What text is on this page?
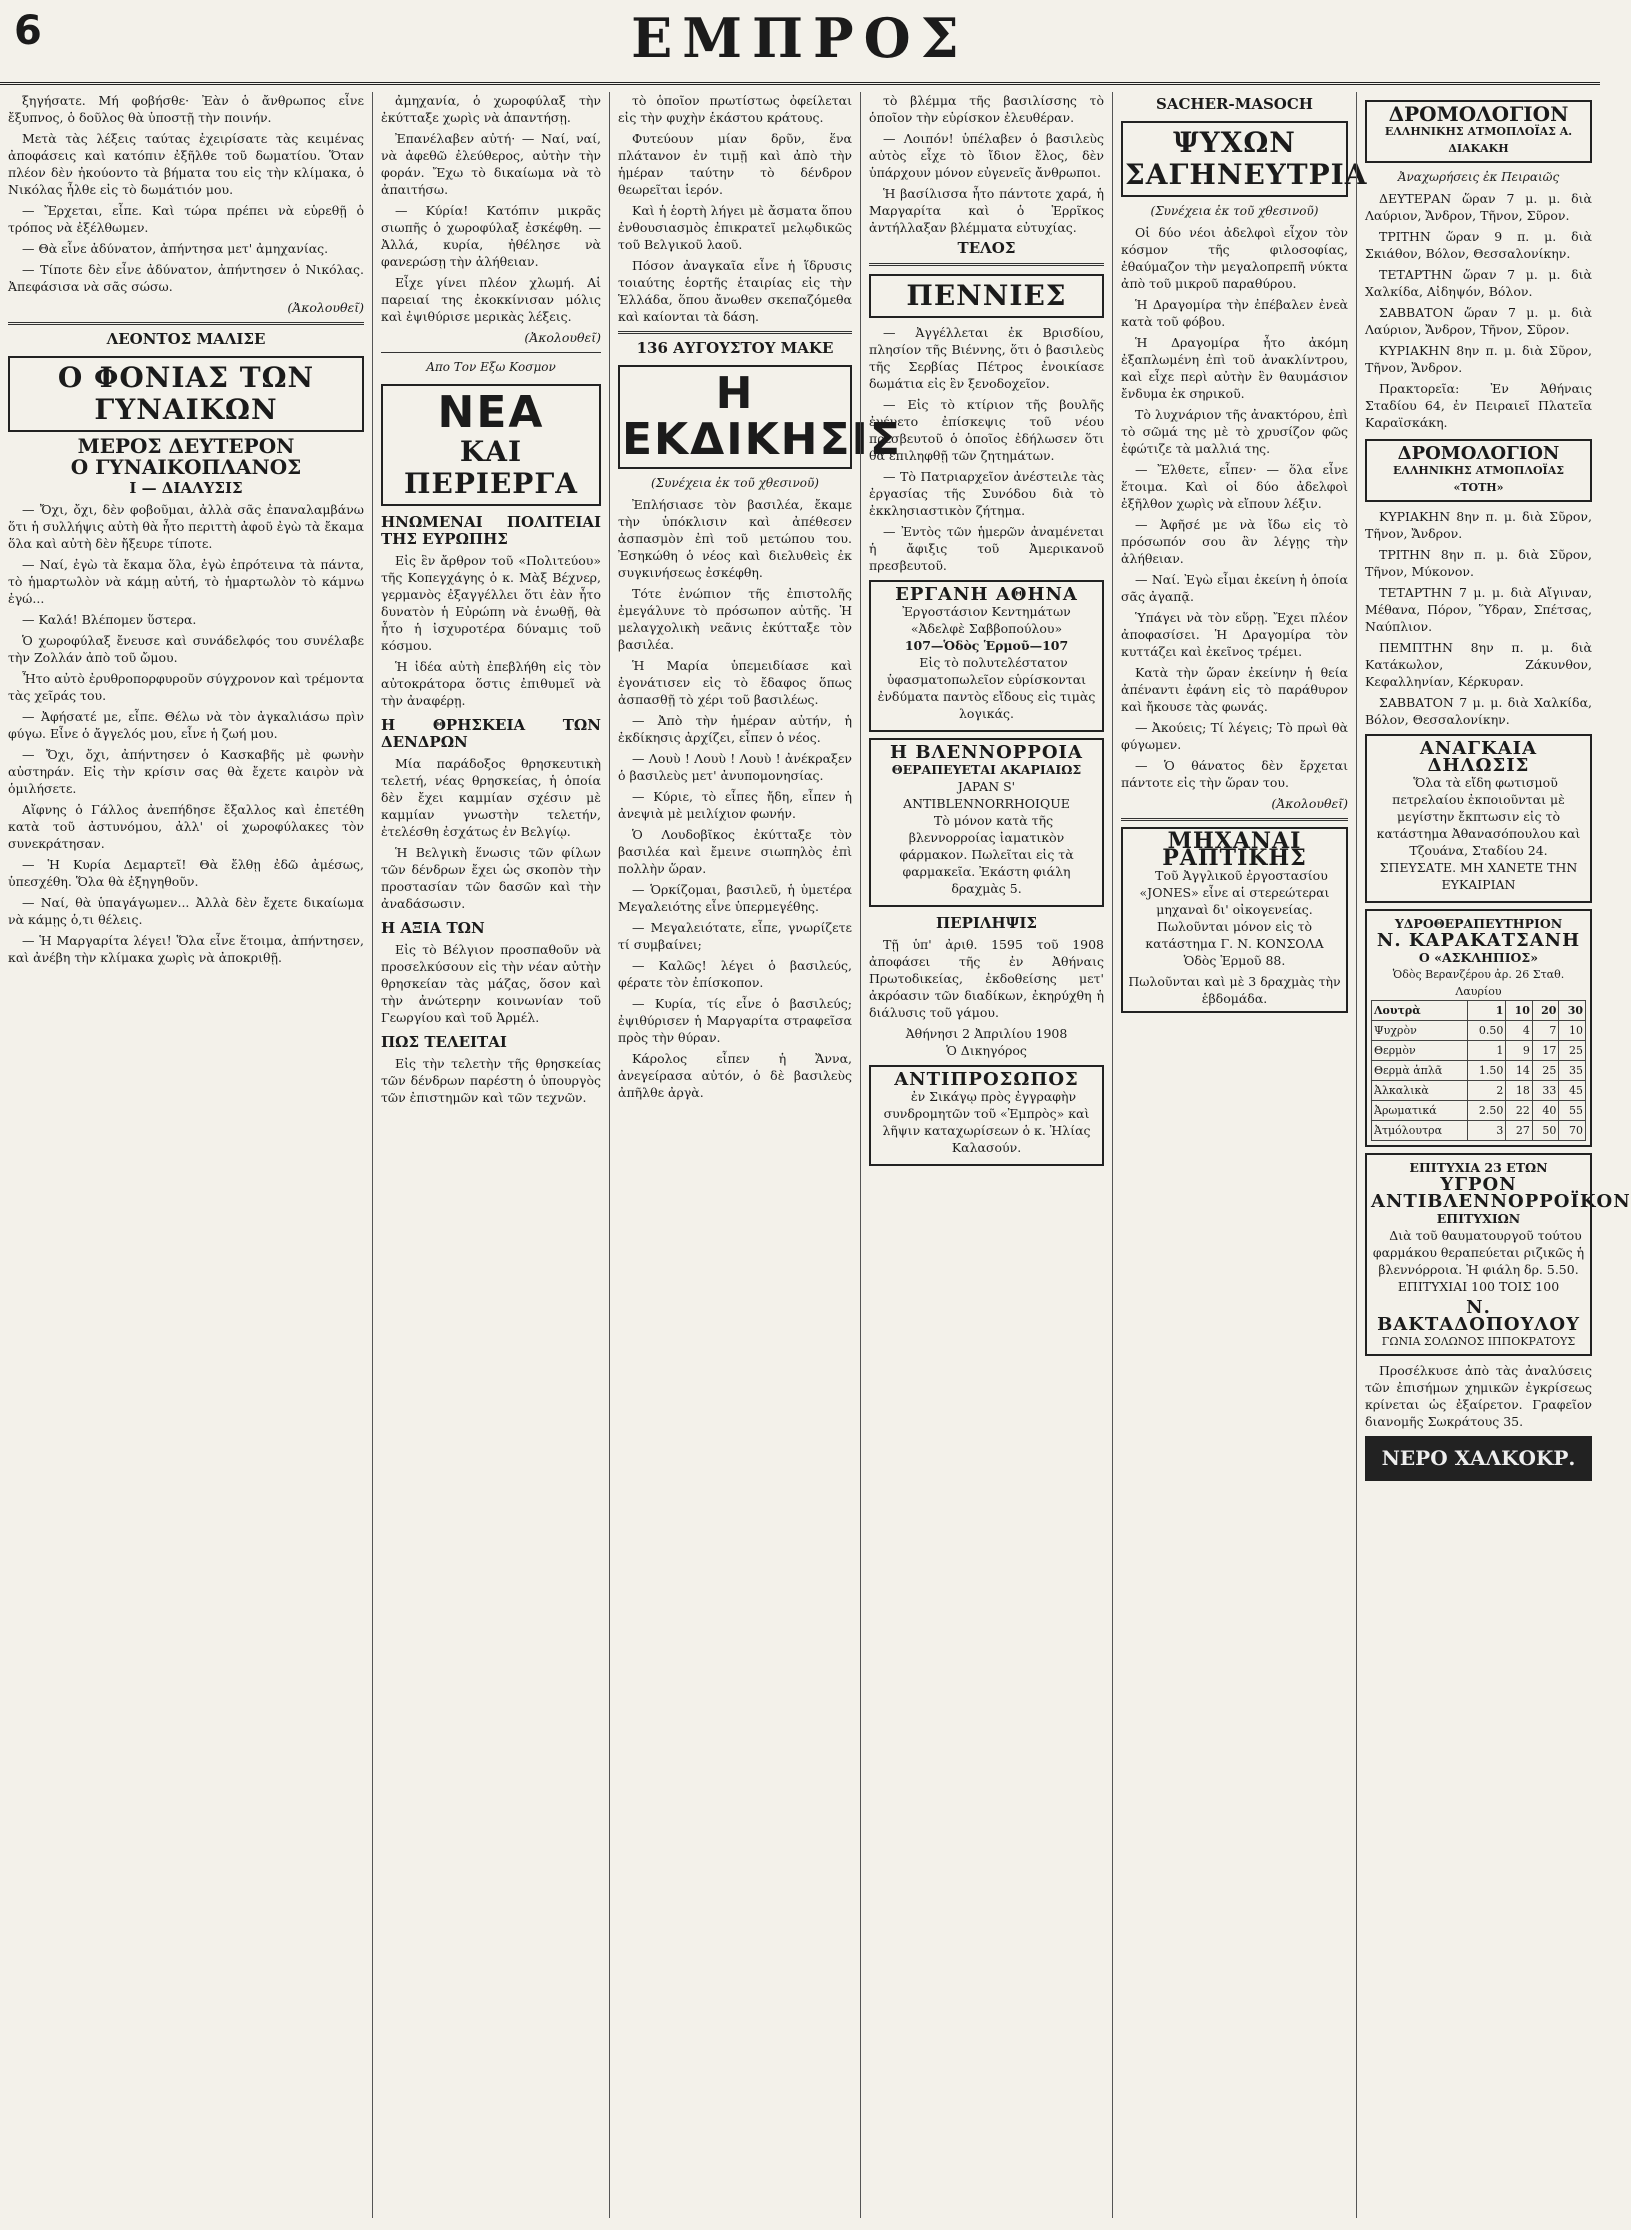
6	ΕΜΠΡΟΣ

ξηγήσατε. Μή φοβήσθε· Ἐὰν ὁ ἄνθρωπος εἶνε ἔξυπνος, ὁ δοῦλος θὰ ὑποστῇ τὴν ποινήν.

Μετὰ τὰς λέξεις ταύτας ἐχειρίσατε τὰς κειμένας ἀποφάσεις καὶ κατόπιν ἐξῆλθε τοῦ δωματίου. Ὅταν πλέον δὲν ἠκούοντο τὰ βήματα του εἰς τὴν κλίμακα, ὁ Νικόλας ἦλθε εἰς τὸ δωμάτιόν μου.

— Ἔρχεται, εἶπε. Καὶ τώρα πρέπει νὰ εὑρεθῇ ὁ τρόπος νὰ ἐξέλθωμεν.

— Θὰ εἶνε ἀδύνατον, ἀπήντησα μετ' ἀμηχανίας.

— Τίποτε δὲν εἶνε ἀδύνατον, ἀπήντησεν ὁ Νικόλας. Ἀπεφάσισα νὰ σᾶς σώσω.

(Ἀκολουθεῖ)
ΛΕΟΝΤΟΣ ΜΑΛΙΣΕ
Ο ΦΟΝΙΑΣ ΤΩΝ ΓΥΝΑΙΚΩΝ
ΜΕΡΟΣ ΔΕΥΤΕΡΟΝ
Ο ΓΥΝΑΙΚΟΠΛΑΝΟΣ
Ι — ΔΙΑΛΥΣΙΣ

— Ὄχι, ὄχι, δὲν φοβοῦμαι, ἀλλὰ σᾶς ἐπαναλαμβάνω ὅτι ἡ συλλήψις αὐτὴ θὰ ἦτο περιττὴ ἀφοῦ ἐγὼ τὰ ἔκαμα ὅλα καὶ αὐτὴ δὲν ἤξευρε τίποτε.

— Ναί, ἐγὼ τὰ ἔκαμα ὅλα, ἐγὼ ἐπρότεινα τὰ πάντα, τὸ ἡμαρτωλὸν νὰ κάμῃ αὐτή, τὸ ἡμαρτωλὸν τὸ κάμνω ἐγώ...

— Καλά! Βλέπομεν ὕστερα.

Ὁ χωροφύλαξ ἔνευσε καὶ συνάδελφός του συνέλαβε τὴν Ζολλάν ἀπὸ τοῦ ὤμου.

Ἦτο αὐτὸ ἐρυθροπορφυροῦν σύγχρονον καὶ τρέμοντα τὰς χεῖράς του.

— Ἀφήσατέ με, εἶπε. Θέλω νὰ τὸν ἀγκαλιάσω πρὶν φύγω. Εἶνε ὁ ἄγγελός μου, εἶνε ἡ ζωή μου.

— Ὄχι, ὄχι, ἀπήντησεν ὁ Κασκαβῆς μὲ φωνὴν αὐστηράν. Εἰς τὴν κρίσιν σας θὰ ἔχετε καιρὸν νὰ ὁμιλήσετε.

Αἴφνης ὁ Γάλλος ἀνεπήδησε ἔξαλλος καὶ ἐπετέθη κατὰ τοῦ ἀστυνόμου, ἀλλ' οἱ χωροφύλακες τὸν συνεκράτησαν.

— Ἡ Κυρία Δεμαρτεῖ! Θὰ ἔλθῃ ἐδῶ ἀμέσως, ὑπεσχέθη. Ὅλα θὰ ἐξηγηθοῦν.

— Ναί, θὰ ὑπαγάγωμεν... Ἀλλὰ δὲν ἔχετε δικαίωμα νὰ κάμῃς ὁ,τι θέλεις.

— Ἡ Μαργαρίτα λέγει! Ὅλα εἶνε ἕτοιμα, ἀπήντησεν, καὶ ἀνέβη τὴν κλίμακα χωρὶς νὰ ἀποκριθῇ.

ἀμηχανία, ὁ χωροφύλαξ τὴν ἐκύτταξε χωρὶς νὰ ἀπαντήσῃ.

Ἐπανέλαβεν αὐτή· — Ναί, ναί, νὰ ἀφεθῶ ἐλεύθερος, αὐτὴν τὴν φοράν. Ἔχω τὸ δικαίωμα νὰ τὸ ἀπαιτήσω.

— Κύρία! Κατόπιν μικρᾶς σιωπῆς ὁ χωροφύλαξ ἐσκέφθη. — Ἀλλά, κυρία, ἠθέλησε νὰ φανερώσῃ τὴν ἀλήθειαν.

Εἶχε γίνει πλέον χλωμή. Αἱ παρειαί της ἐκοκκίνισαν μόλις καὶ ἐψιθύρισε μερικὰς λέξεις.

(Ἀκολουθεῖ)
Απο Τον Εξω Κοσμον
ΝΕΑ
ΚΑΙ ΠΕΡΙΕΡΓΑ
ΗΝΩΜΕΝΑΙ ΠΟΛΙΤΕΙΑΙ ΤΗΣ ΕΥΡΩΠΗΣ

Εἰς ἓν ἄρθρον τοῦ «Πολιτεύου» τῆς Κοπεγχάγης ὁ κ. Μὰξ Βέχνερ, γερμανὸς ἐξαγγέλλει ὅτι ἐὰν ἦτο δυνατὸν ἡ Εὐρώπη νὰ ἑνωθῇ, θὰ ἦτο ἡ ἰσχυροτέρα δύναμις τοῦ κόσμου.

Ἡ ἰδέα αὐτὴ ἐπεβλήθη εἰς τὸν αὐτοκράτορα ὅστις ἐπιθυμεῖ νὰ τὴν ἀναφέρῃ.

Η ΘΡΗΣΚΕΙΑ ΤΩΝ ΔΕΝΔΡΩΝ

Μία παράδοξος θρησκευτικὴ τελετή, νέας θρησκείας, ἡ ὁποία δὲν ἔχει καμμίαν σχέσιν μὲ καμμίαν γνωστὴν τελετήν, ἐτελέσθη ἐσχάτως ἐν Βελγίῳ.

Ἡ Βελγικὴ ἕνωσις τῶν φίλων τῶν δένδρων ἔχει ὡς σκοπὸν τὴν προστασίαν τῶν δασῶν καὶ τὴν ἀναδάσωσιν.

Η ΑΞΙΑ ΤΩΝ

Εἰς τὸ Βέλγιον προσπαθοῦν νὰ προσελκύσουν εἰς τὴν νέαν αὐτὴν θρησκείαν τὰς μάζας, ὅσον καὶ τὴν ἀνώτερην κοινωνίαν τοῦ Γεωργίου καὶ τοῦ Ἀρμέλ.

ΠΩΣ ΤΕΛΕΙΤΑΙ

Εἰς τὴν τελετὴν τῆς θρησκείας τῶν δένδρων παρέστη ὁ ὑπουργὸς τῶν ἐπιστημῶν καὶ τῶν τεχνῶν.

τὸ ὁποῖον πρωτίστως ὀφείλεται εἰς τὴν φυχὴν ἑκάστου κράτους.

Φυτεύουν μίαν δρῦν, ἕνα πλάτανον ἐν τιμῇ καὶ ἀπὸ τὴν ἡμέραν ταύτην τὸ δένδρον θεωρεῖται ἱερόν.

Καὶ ἡ ἑορτὴ λήγει μὲ ἄσματα ὅπου ἐνθουσιασμὸς ἐπικρατεῖ μελῳδικῶς τοῦ Βελγικοῦ λαοῦ.

Πόσον ἀναγκαῖα εἶνε ἡ ἵδρυσις τοιαύτης ἑορτῆς ἑταιρίας εἰς τὴν Ἑλλάδα, ὅπου ἄνωθεν σκεπαζόμεθα καὶ καίονται τὰ δάση.

136 ΑΥΓΟΥΣΤΟΥ ΜΑΚΕ
Η ΕΚΔΙΚΗΣΙΣ
(Συνέχεια ἐκ τοῦ χθεσινοῦ)

Ἐπλήσιασε τὸν βασιλέα, ἔκαμε τὴν ὑπόκλισιν καὶ ἀπέθεσεν ἀσπασμὸν ἐπὶ τοῦ μετώπου του. Ἐσηκώθη ὁ νέος καὶ διελυθεὶς ἐκ συγκινήσεως ἐσκέφθη.

Τότε ἐνώπιον τῆς ἐπιστολῆς ἐμεγάλυνε τὸ πρόσωπον αὐτῆς. Ἡ μελαγχολικὴ νεᾶνις ἐκύτταξε τὸν βασιλέα.

Ἡ Μαρία ὑπεμειδίασε καὶ ἐγονάτισεν εἰς τὸ ἔδαφος ὅπως ἀσπασθῇ τὸ χέρι τοῦ βασιλέως.

— Ἀπὸ τὴν ἡμέραν αὐτήν, ἡ ἐκδίκησις ἀρχίζει, εἶπεν ὁ νέος.

— Λουὺ ! Λουὺ ! Λουὺ ! ἀνέκραξεν ὁ βασιλεὺς μετ' ἀνυπομονησίας.

— Κύριε, τὸ εἶπες ἤδη, εἶπεν ἡ ἀνεψιὰ μὲ μειλίχιον φωνήν.

Ὁ Λουδοβῖκος ἐκύτταξε τὸν βασιλέα καὶ ἔμεινε σιωπηλὸς ἐπὶ πολλὴν ὥραν.

— Ὁρκίζομαι, βασιλεῦ, ἡ ὑμετέρα Μεγαλειότης εἶνε ὑπερμεγέθης.

— Μεγαλειότατε, εἶπε, γνωρίζετε τί συμβαίνει;

— Καλῶς! λέγει ὁ βασιλεύς, φέρατε τὸν ἐπίσκοπον.

— Κυρία, τίς εἶνε ὁ βασιλεύς; ἐψιθύρισεν ἡ Μαργαρίτα στραφεῖσα πρὸς τὴν θύραν.

Κάρολος εἶπεν ἡ Ἄννα, ἀνεγείρασα αὐτόν, ὁ δὲ βασιλεὺς ἀπῆλθε ἀργὰ.

τὸ βλέμμα τῆς βασιλίσσης τὸ ὁποῖον τὴν εὑρίσκον ἐλευθέραν.

— Λοιπόν! ὑπέλαβεν ὁ βασιλεὺς αὐτὸς εἶχε τὸ ἴδιον ἔλος, δὲν ὑπάρχουν μόνον εὐγενεῖς ἄνθρωποι.

Ἡ βασίλισσα ἦτο πάντοτε χαρά, ἡ Μαργαρίτα καὶ ὁ Ἑρρῖκος ἀντήλλαξαν βλέμματα εὐτυχίας.

ΤΕΛΟΣ
ΠΕΝΝΙΕΣ

— Ἀγγέλλεται ἐκ Βρισδίου, πλησίον τῆς Βιέννης, ὅτι ὁ βασιλεὺς τῆς Σερβίας Πέτρος ἐνοικίασε δωμάτια εἰς ἓν ξενοδοχεῖον.

— Εἰς τὸ κτίριον τῆς βουλῆς ἐγένετο ἐπίσκεψις τοῦ νέου πρεσβευτοῦ ὁ ὁποῖος ἐδήλωσεν ὅτι θὰ ἐπιληφθῇ τῶν ζητημάτων.

— Τὸ Πατριαρχεῖον ἀνέστειλε τὰς ἐργασίας τῆς Συνόδου διὰ τὸ ἐκκλησιαστικὸν ζήτημα.

— Ἐντὸς τῶν ἡμερῶν ἀναμένεται ἡ ἄφιξις τοῦ Ἀμερικανοῦ πρεσβευτοῦ.

ΕΡΓΑΝΗ ΑΘΗΝΑ
Ἐργοστάσιον Κεντημάτων «Ἀδελφὲ Σαββοπούλου»
107—Ὁδὸς Ἑρμοῦ—107

Εἰς τὸ πολυτελέστατον ὑφασματοπωλεῖον εὑρίσκονται ἐνδύματα παντὸς εἴδους εἰς τιμὰς λογικάς.

Η ΒΛΕΝΝΟΡΡΟΙΑ
ΘΕΡΑΠΕΥΕΤΑΙ ΑΚΑΡΙΑΙΩΣ
JAPAN S' ANTIBLENNORRHOIQUE

Τὸ μόνον κατὰ τῆς βλεννορροίας ἰαματικὸν φάρμακον. Πωλεῖται εἰς τὰ φαρμακεῖα. Ἐκάστη φιάλη δραχμὰς 5.

ΠΕΡΙΛΗΨΙΣ

Τῇ ὑπ' ἀριθ. 1595 τοῦ 1908 ἀποφάσει τῆς ἐν Ἀθήναις Πρωτοδικείας, ἐκδοθείσης μετ' ἀκρόασιν τῶν διαδίκων, ἐκηρύχθη ἡ διάλυσις τοῦ γάμου.

Ἀθήνησι 2 Ἀπριλίου 1908
Ὁ Δικηγόρος
ΑΝΤΙΠΡΟΣΩΠΟΣ

ἐν Σικάγῳ πρὸς ἐγγραφὴν συνδρομητῶν τοῦ «Ἐμπρὸς» καὶ λῆψιν καταχωρίσεων ὁ κ. Ἠλίας Καλασούν.

SACHER-MASOCH
ΨΥΧΩΝ ΣΑΓΗΝΕΥΤΡΙΑ
(Συνέχεια ἐκ τοῦ χθεσινοῦ)

Οἱ δύο νέοι ἀδελφοὶ εἶχον τὸν κόσμον τῆς φιλοσοφίας, ἐθαύμαζον τὴν μεγαλοπρεπῆ νύκτα ἀπὸ τοῦ μικροῦ παραθύρου.

Ἡ Δραγομίρα τὴν ἐπέβαλεν ἐνεὰ κατὰ τοῦ φόβου.

Ἡ Δραγομίρα ἦτο ἀκόμη ἐξαπλωμένη ἐπὶ τοῦ ἀνακλίντρου, καὶ εἶχε περὶ αὐτὴν ἓν θαυμάσιον ἔνδυμα ἐκ σηρικοῦ.

Τὸ λυχνάριον τῆς ἀνακτόρου, ἐπὶ τὸ σῶμά της μὲ τὸ χρυσίζον φῶς ἐφώτιζε τὰ μαλλιά της.

— Ἔλθετε, εἶπεν· — ὅλα εἶνε ἕτοιμα. Καὶ οἱ δύο ἀδελφοὶ ἐξῆλθον χωρὶς νὰ εἴπουν λέξιν.

— Ἀφῆσέ με νὰ ἴδω εἰς τὸ πρόσωπόν σου ἂν λέγῃς τὴν ἀλήθειαν.

— Ναί. Ἐγὼ εἶμαι ἐκείνη ἡ ὁποία σᾶς ἀγαπᾷ.

Ὑπάγει νὰ τὸν εὕρῃ. Ἔχει πλέον ἀποφασίσει. Ἡ Δραγομίρα τὸν κυττάζει καὶ ἐκεῖνος τρέμει.

Κατὰ τὴν ὥραν ἐκείνην ἡ θεία ἀπέναντι ἐφάνη εἰς τὸ παράθυρον καὶ ἤκουσε τὰς φωνάς.

— Ἀκούεις; Τί λέγεις; Τὸ πρωὶ θὰ φύγωμεν.

— Ὁ θάνατος δὲν ἔρχεται πάντοτε εἰς τὴν ὥραν του.

(Ἀκολουθεῖ)
ΜΗΧΑΝΑΙ ΡΑΠΤΙΚΗΣ

Τοῦ Ἀγγλικοῦ ἐργοστασίου «JONES» εἶνε αἱ στερεώτεραι μηχαναὶ δι' οἰκογενείας. Πωλοῦνται μόνον εἰς τὸ κατάστημα Γ. Ν. ΚΟΝΣΟΛΑ Ὁδὸς Ἑρμοῦ 88.

Πωλοῦνται καὶ μὲ 3 δραχμὰς τὴν ἑβδομάδα.
ΔΡΟΜΟΛΟΓΙΟΝ
ΕΛΛΗΝΙΚΗΣ ΑΤΜΟΠΛΟΪΑΣ Α. ΔΙΑΚΑΚΗ
Ἀναχωρήσεις ἐκ Πειραιῶς

ΔΕΥΤΕΡΑΝ ὥραν 7 μ. μ. διὰ Λαύριον, Ἄνδρον, Τῆνον, Σῦρον.

ΤΡΙΤΗΝ ὥραν 9 π. μ. διὰ Σκιάθον, Βόλον, Θεσσαλονίκην.

ΤΕΤΑΡΤΗΝ ὥραν 7 μ. μ. διὰ Χαλκίδα, Αἰδηψόν, Βόλον.

ΣΑΒΒΑΤΟΝ ὥραν 7 μ. μ. διὰ Λαύριον, Ἄνδρον, Τῆνον, Σῦρον.

ΚΥΡΙΑΚΗΝ 8ην π. μ. διὰ Σῦρον, Τῆνον, Ἄνδρον.

Πρακτορεῖα: Ἐν Ἀθήναις Σταδίου 64, ἐν Πειραιεῖ Πλατεῖα Καραϊσκάκη.

ΔΡΟΜΟΛΟΓΙΟΝ
ΕΛΛΗΝΙΚΗΣ ΑΤΜΟΠΛΟΪΑΣ «ΤΟΤΗ»

ΚΥΡΙΑΚΗΝ 8ην π. μ. διὰ Σῦρον, Τῆνον, Ἄνδρον.

ΤΡΙΤΗΝ 8ην π. μ. διὰ Σῦρον, Τῆνον, Μύκονον.

ΤΕΤΑΡΤΗΝ 7 μ. μ. διὰ Αἴγιναν, Μέθανα, Πόρον, Ὕδραν, Σπέτσας, Ναύπλιον.

ΠΕΜΠΤΗΝ 8ην π. μ. διὰ Κατάκωλον, Ζάκυνθον, Κεφαλληνίαν, Κέρκυραν.

ΣΑΒΒΑΤΟΝ 7 μ. μ. διὰ Χαλκίδα, Βόλον, Θεσσαλονίκην.

ΑΝΑΓΚΑΙΑ ΔΗΛΩΣΙΣ

Ὅλα τὰ εἴδη φωτισμοῦ πετρελαίου ἐκποιοῦνται μὲ μεγίστην ἔκπτωσιν εἰς τὸ κατάστημα Ἀθανασόπουλου καὶ Τζουάνα, Σταδίου 24. ΣΠΕΥΣΑΤΕ. ΜΗ ΧΑΝΕΤΕ ΤΗΝ ΕΥΚΑΙΡΙΑΝ

ΥΔΡΟΘΕΡΑΠΕΥΤΗΡΙΟΝ
Ν. ΚΑΡΑΚΑΤΣΑΝΗ
Ο «ΑΣΚΛΗΠΙΟΣ»
Ὁδὸς Βερανζέρου ἀρ. 26 Σταθ. Λαυρίου
Λουτρὰ	1	10	20	30
Ψυχρὸν	0.50	4	7	10
Θερμὸν	1	9	17	25
Θερμὰ ἁπλᾶ	1.50	14	25	35
Ἀλκαλικὰ	2	18	33	45
Ἀρωματικά	2.50	22	40	55
Ἀτμόλουτρα	3	27	50	70
ΕΠΙΤΥΧΙΑ 23 ΕΤΩΝ
ΥΓΡΟΝ ΑΝΤΙΒΛΕΝΝΟΡΡΟΪΚΟΝ
ΕΠΙΤΥΧΙΩΝ

Διὰ τοῦ θαυματουργοῦ τούτου φαρμάκου θεραπεύεται ριζικῶς ἡ βλεννόρροια. Ἡ φιάλη δρ. 5.50. ΕΠΙΤΥΧΙΑΙ 100 ΤΟΙΣ 100

Ν. ΒΑΚΤΑΔΟΠΟΥΛΟΥ
ΓΩΝΙΑ ΣΟΛΩΝΟΣ ΙΠΠΟΚΡΑΤΟΥΣ

Προσέλκυσε ἀπὸ τὰς ἀναλύσεις τῶν ἐπισήμων χημικῶν ἐγκρίσεως κρίνεται ὡς ἐξαίρετον. Γραφεῖον διανομῆς Σωκράτους 35.

ΝΕΡΟ ΧΑΛΚΟΚΡ.
